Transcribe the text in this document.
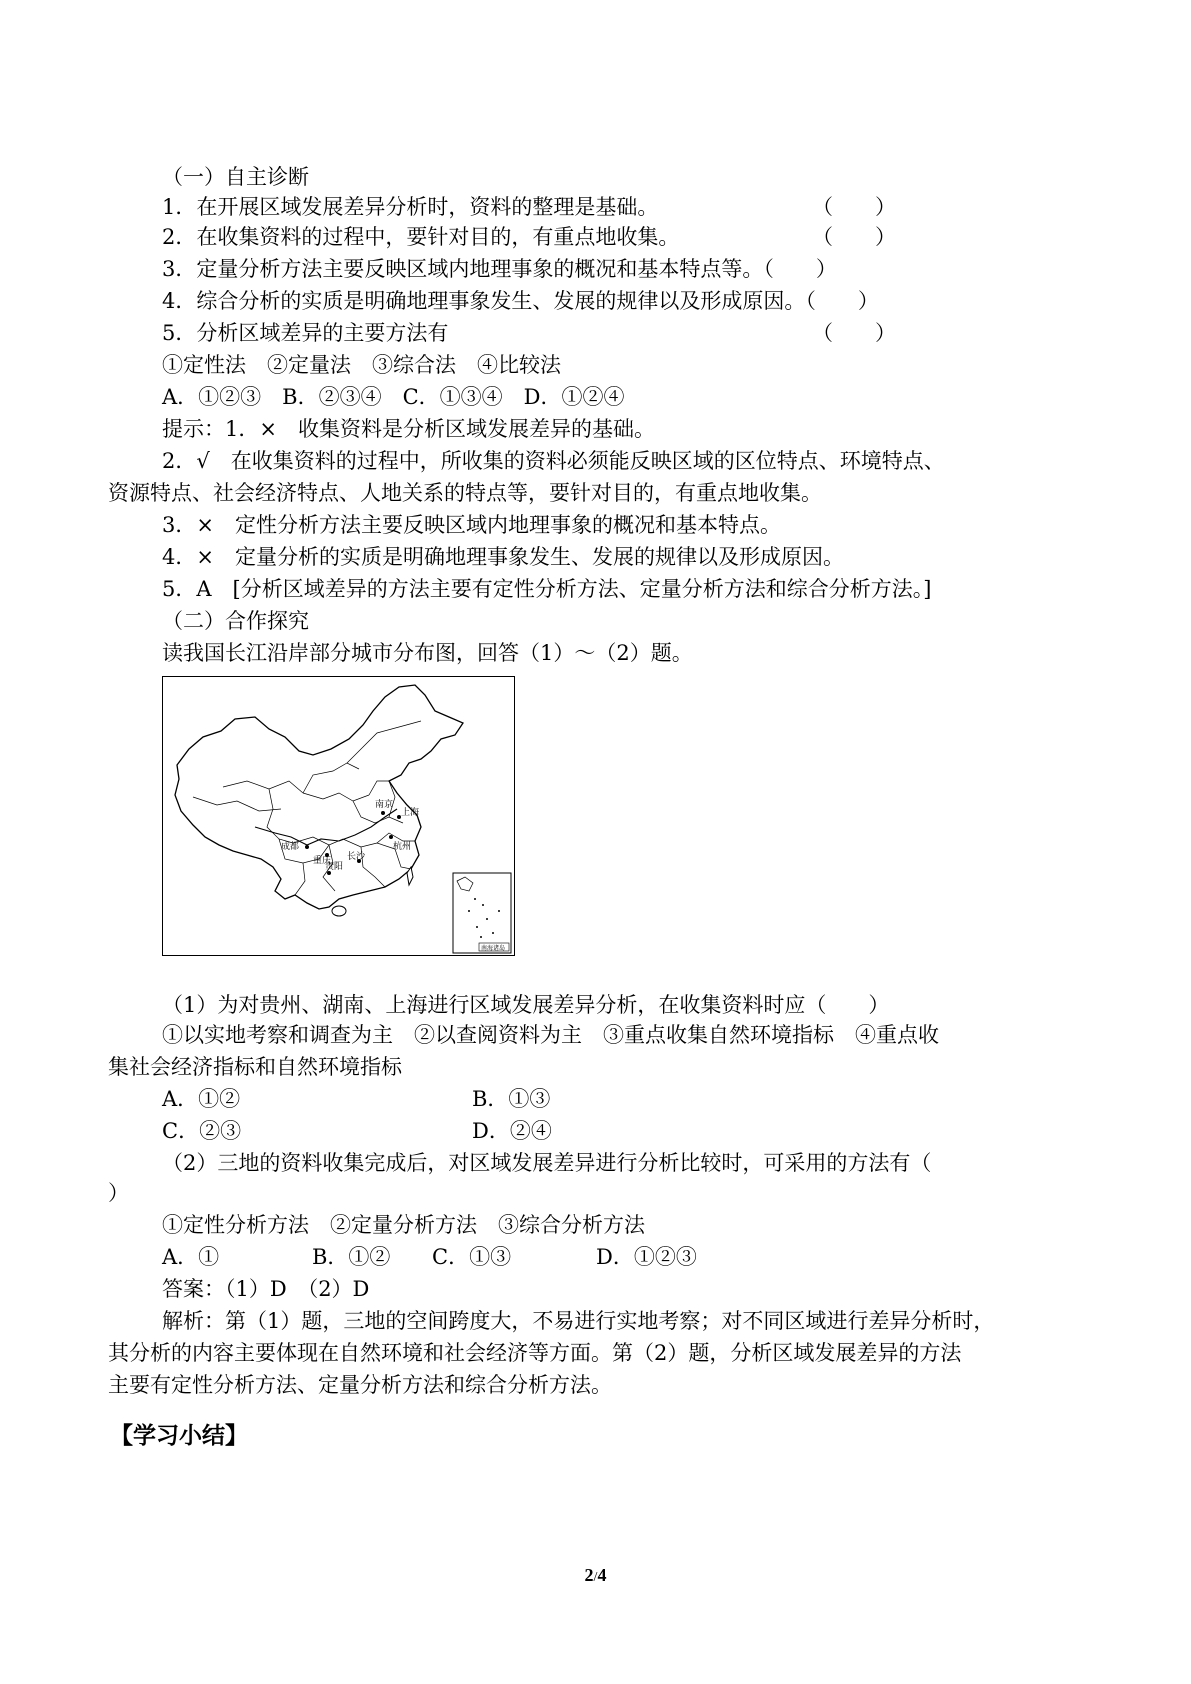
（一）自主诊断
1．在开展区域发展差异分析时，资料的整理是基础。	（　　）
2．在收集资料的过程中，要针对目的，有重点地收集。	（　　）
3．定量分析方法主要反映区域内地理事象的概况和基本特点等。（　　）
4．综合分析的实质是明确地理事象发生、发展的规律以及形成原因。（　　）
5．分析区域差异的主要方法有	（　　）
①定性法　②定量法　③综合法　④比较法
A．①②③　B．②③④　C．①③④　D．①②④
提示：1．×　收集资料是分析区域发展差异的基础。
2．√　在收集资料的过程中，所收集的资料必须能反映区域的区位特点、环境特点、
资源特点、社会经济特点、人地关系的特点等，要针对目的，有重点地收集。
3．×　定性分析方法主要反映区域内地理事象的概况和基本特点。
4．×　定量分析的实质是明确地理事象发生、发展的规律以及形成原因。
5．A　[分析区域差异的方法主要有定性分析方法、定量分析方法和综合分析方法。]
（二）合作探究
读我国长江沿岸部分城市分布图，回答（1）～（2）题。
南京
上海
成都
重庆
贵阳
长沙
杭州
南海诸岛
（1）为对贵州、湖南、上海进行区域发展差异分析，在收集资料时应（　　）
①以实地考察和调查为主　②以查阅资料为主　③重点收集自然环境指标　④重点收
集社会经济指标和自然环境指标
A．①②	B．①③
C．②③	D．②④
（2）三地的资料收集完成后，对区域发展差异进行分析比较时，可采用的方法有（
）
①定性分析方法　②定量分析方法　③综合分析方法
A．①	B．①② C．①③	D．①②③
答案：（1）D　（2）D
解析：第（1）题，三地的空间跨度大，不易进行实地考察；对不同区域进行差异分析时，
其分析的内容主要体现在自然环境和社会经济等方面。第（2）题，分析区域发展差异的方法
主要有定性分析方法、定量分析方法和综合分析方法。
【学习小结】
2/4
